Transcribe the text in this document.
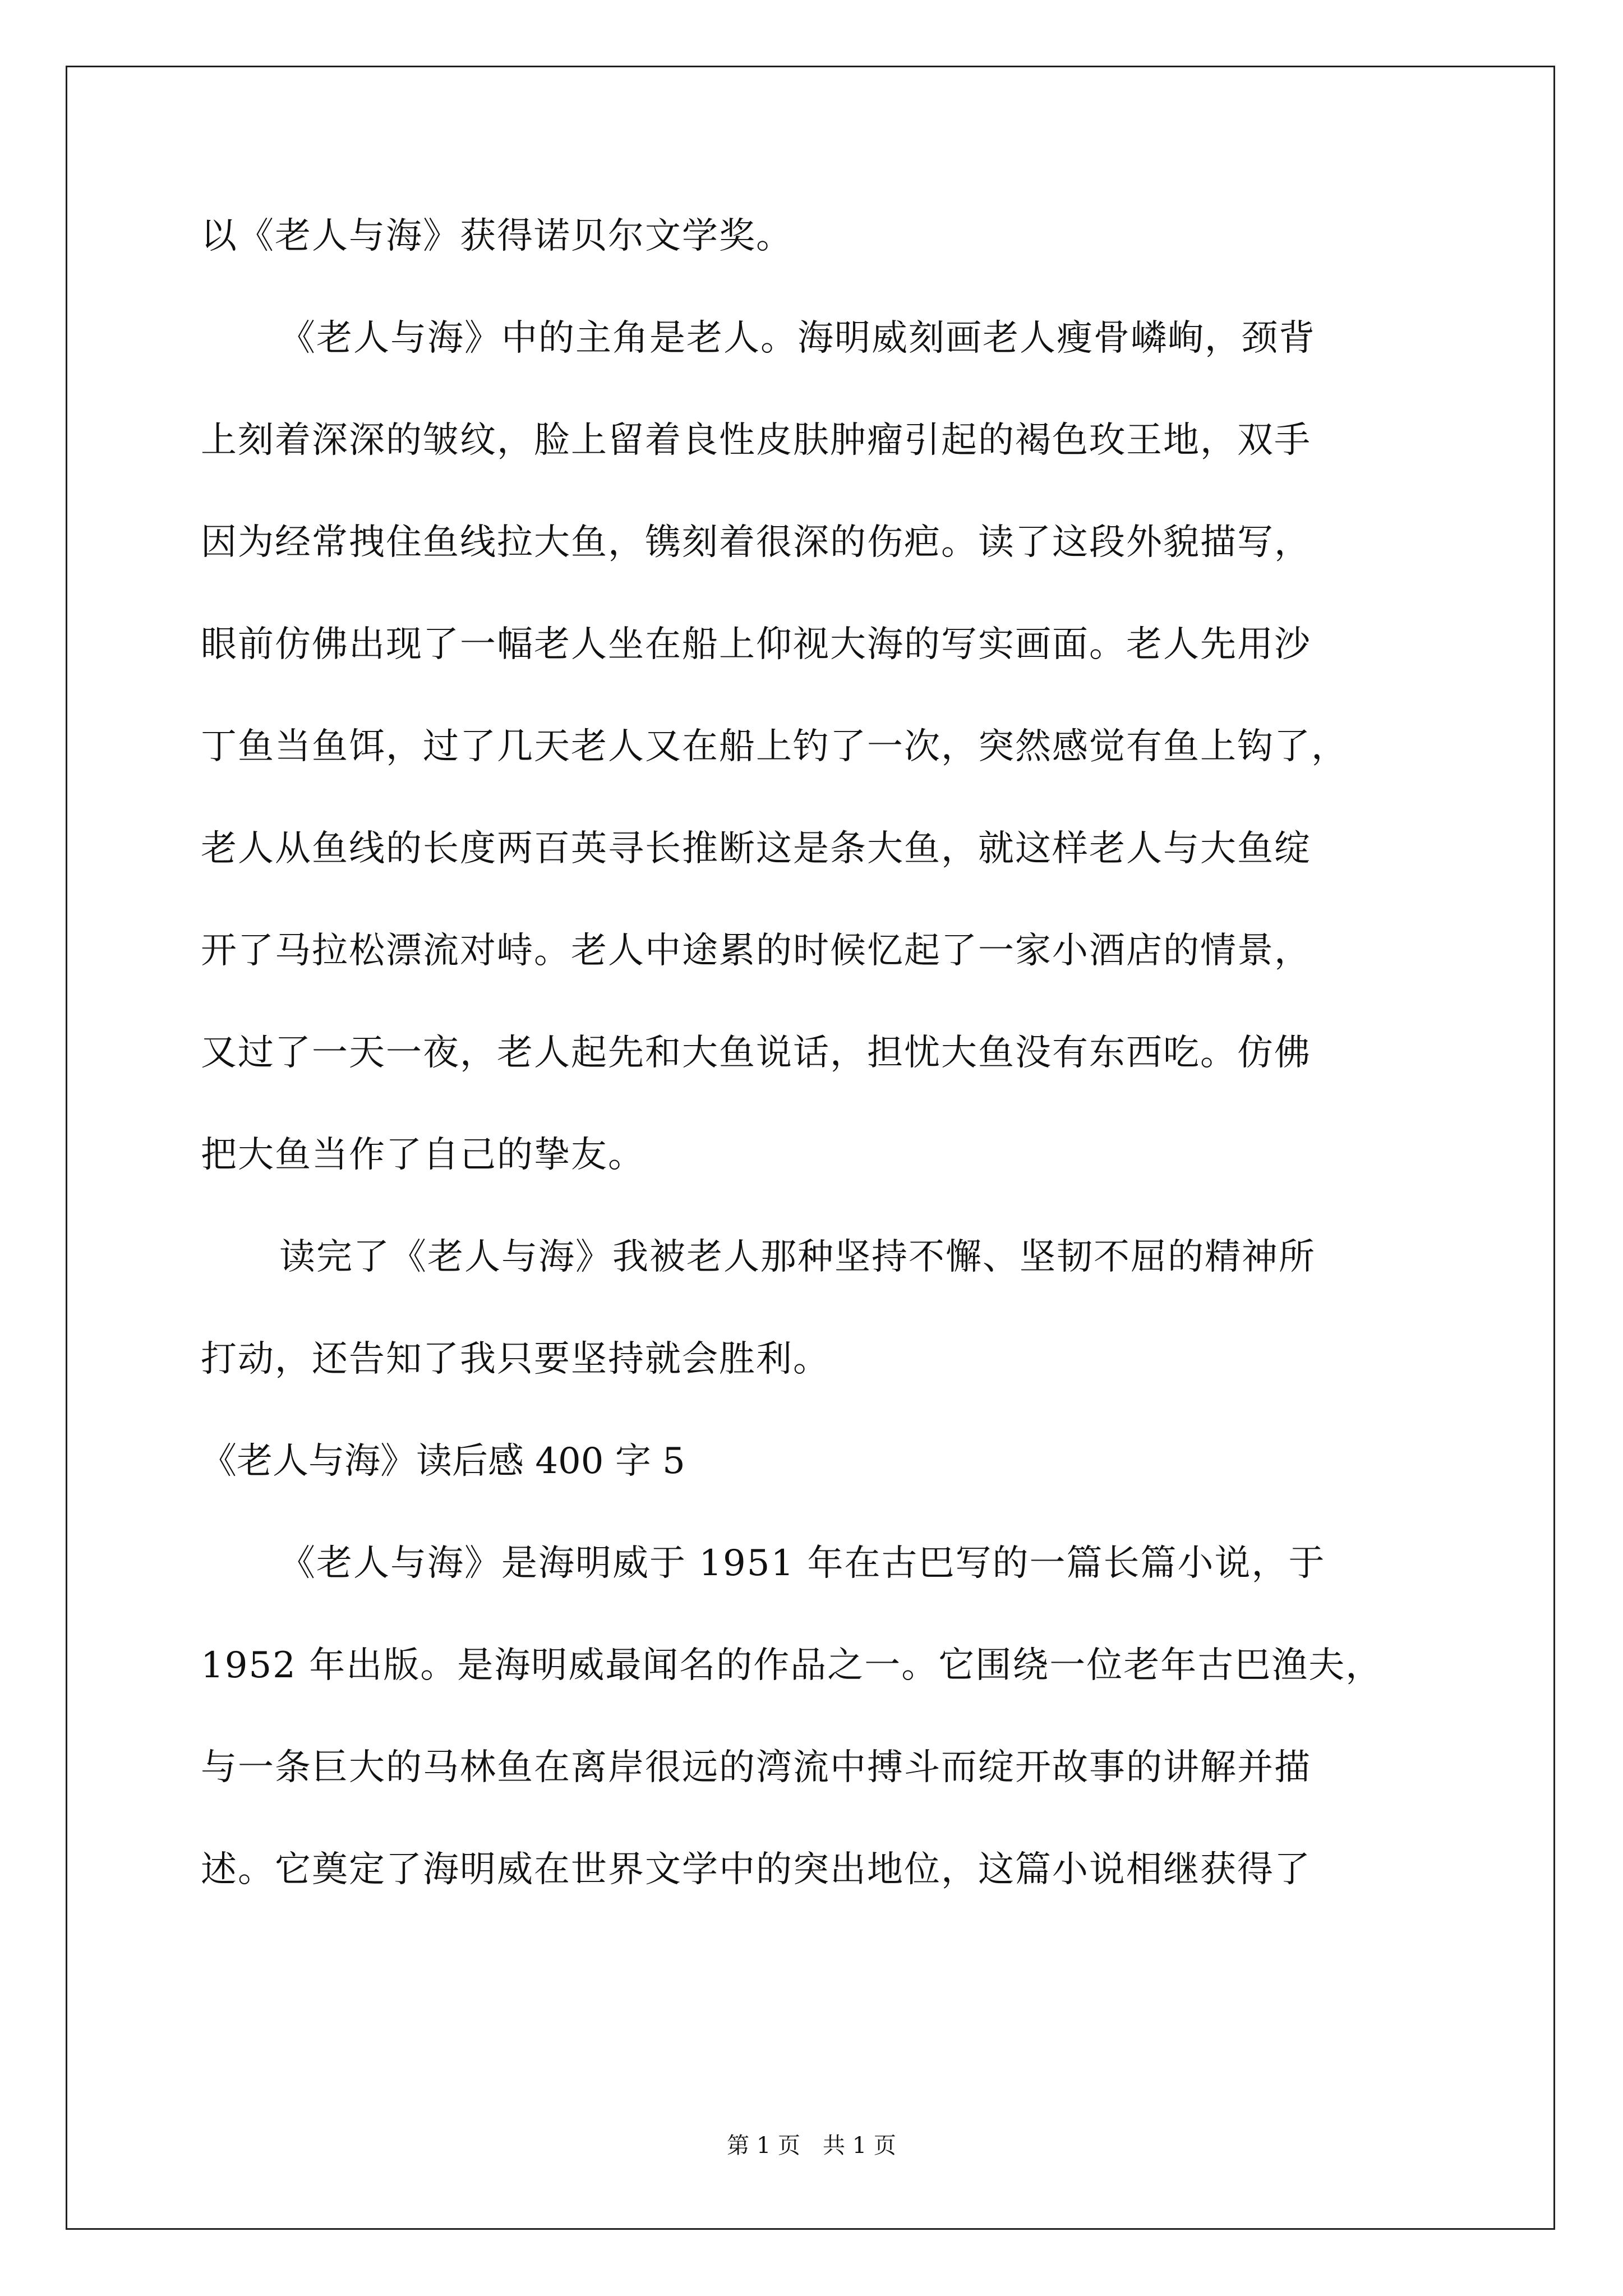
以《老人与海》获得诺贝尔文学奖。
《老人与海》中的主角是老人。海明威刻画老人瘦骨嶙峋，颈背
上刻着深深的皱纹，脸上留着良性皮肤肿瘤引起的褐色玫王地，双手
因为经常拽住鱼线拉大鱼，镌刻着很深的伤疤。读了这段外貌描写，
眼前仿佛出现了一幅老人坐在船上仰视大海的写实画面。老人先用沙
丁鱼当鱼饵，过了几天老人又在船上钓了一次，突然感觉有鱼上钩了，
老人从鱼线的长度两百英寻长推断这是条大鱼，就这样老人与大鱼绽
开了马拉松漂流对峙。老人中途累的时候忆起了一家小酒店的情景，
又过了一天一夜，老人起先和大鱼说话，担忧大鱼没有东西吃。仿佛
把大鱼当作了自己的挚友。
读完了《老人与海》我被老人那种坚持不懈、坚韧不屈的精神所
打动，还告知了我只要坚持就会胜利。
《老人与海》读后感 400 字 5
《老人与海》是海明威于 1951 年在古巴写的一篇长篇小说，于
1952 年出版。是海明威最闻名的作品之一。它围绕一位老年古巴渔夫，
与一条巨大的马林鱼在离岸很远的湾流中搏斗而绽开故事的讲解并描
述。它奠定了海明威在世界文学中的突出地位，这篇小说相继获得了
第 1 页　共 1 页
